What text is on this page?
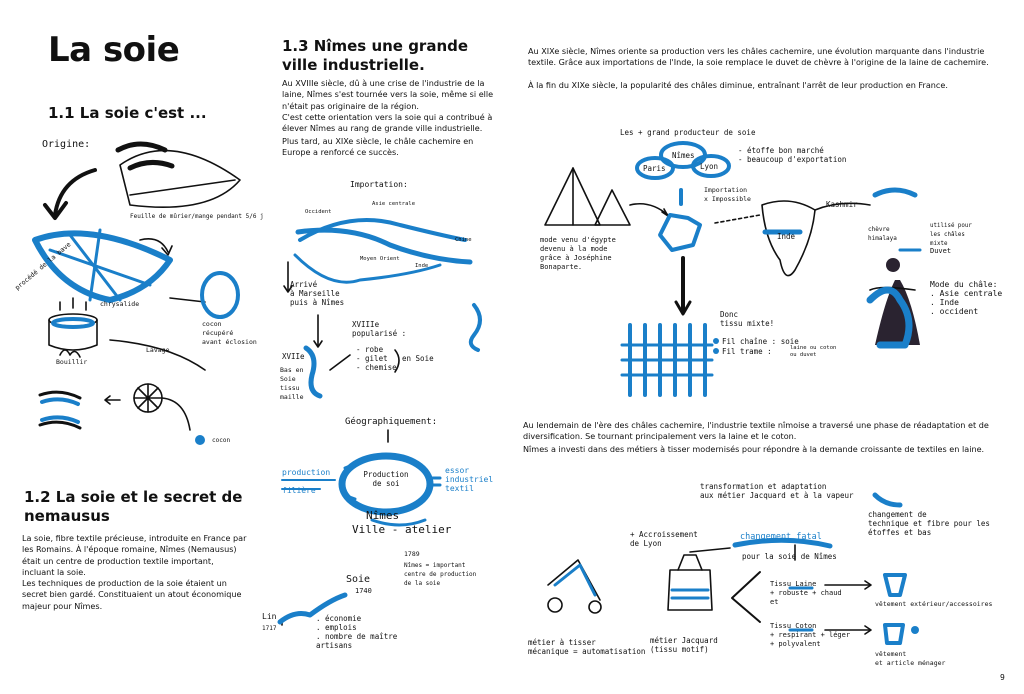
La soie
1.1 La soie c'est ...
Origine:
Feuille de mûrier/mange pendant 5/6 j
procédé de la bave
chrysalide
cocon
récupéré
avant éclosion
Bouillir
Lavage
cocon
1.2 La soie et le secret de nemausus
La soie, fibre textile précieuse, introduite en France par les Romains. À l'époque romaine, Nîmes (Nemausus) était un centre de production textile important, incluant la soie.
Les techniques de production de la soie étaient un secret bien gardé. Constituaient un atout économique majeur pour Nîmes.
1.3 Nîmes une grande ville industrielle.
Au XVIIIe siècle, dû à une crise de l'industrie de la laine, Nîmes s'est tournée vers la soie, même si elle n'était pas originaire de la région.
C'est cette orientation vers la soie qui a contribué à élever Nîmes au rang de grande ville industrielle.
Plus tard, au XIXe siècle, le châle cachemire en Europe a renforcé ce succès.
Importation:
Occident
Asie centrale
Moyen Orient
Inde
Chine
Arrivé
à Marseille
puis à Nîmes
XVIIe
Bas en
Soie
tissu
maille
XVIIIe
popularisé :
- robe
- gilet
- chemise
en Soie
Géographiquement:
Production
de soi
production
filière
essor
industriel
textil
Nîmes
Ville - atelier
1789
Nîmes = important
centre de production
de la soie
Soie
1740
Lin
1717
. économie
. emplois
. nombre de maître
artisans
Au XIXe siècle, Nîmes oriente sa production vers les châles cachemire, une évolution marquante dans l'industrie textile. Grâce aux importations de l'Inde, la soie remplace le duvet de chèvre à l'origine de la laine de cachemire.
À la fin du XIXe siècle, la popularité des châles diminue, entraînant l'arrêt de leur production en France.
Les + grand producteur de soie
Nîmes
Paris	Lyon
- étoffe bon marché
- beaucoup d'exportation
mode venu d'égypte
devenu à la mode
grâce à Joséphine
Bonaparte.
Importation
x Impossible
Kashmir
Inde
chèvre
himalaya
utilisé pour
les châles
mixte
Duvet
Mode du châle:
. Asie centrale
. Inde
. occident
Donc
tissu mixte!
Fil chaîne : soie
Fil trame :	laine ou coton
ou duvet
Au lendemain de l'ère des châles cachemire, l'industrie textile nîmoise a traversé une phase de réadaptation et de diversification. Se tournant principalement vers la laine et le coton.
Nîmes a investi dans des métiers à tisser modernisés pour répondre à la demande croissante de textiles en laine.
transformation et adaptation
aux métier Jacquard et à la vapeur
+ Accroissement
de Lyon
changement fatal
pour la soie de Nîmes
changement de
technique et fibre pour les
étoffes et bas
métier à tisser
mécanique = automatisation
métier Jacquard
(tissu motif)
Tissu Laine
+ robuste + chaud
et
Tissu Coton
+ respirant + léger
+ polyvalent
vêtement extérieur/accessoires
vêtement
et article ménager
9
